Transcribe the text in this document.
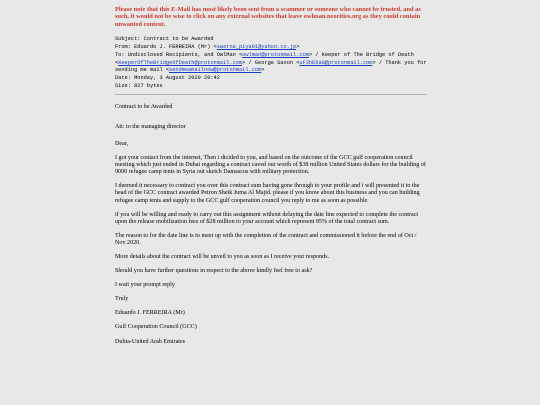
Please note that this E-Mail has most likely been sent from a scammer or someone who cannot be trusted, and as such, it would not be wise to click on any external websites that leave owlman.neocities.org as they could contain unwanted content.
Subject: Contract to be Awarded
From: Eduardo J. FERREIRA (Mr) <swarna_piya01@yahoo.co.jp>
To: Undisclosed Recipients, and OwlMan <owlman@protonmail.com> / Keeper of The Bridge of Death <KeeperOfTheBridgeOfDeath@protonmail.com> / George Saxon <uF3hE6aG@protonmail.com> / Thank you for sending me mail <sendmeamailnow@protonmail.com>
Date: Monday, 3 August 2020 20:42
Size: 827 bytes

Contract to be Awarded

Att: to the managing director

Dear,

I got your contact from the internet, Then i dicided to you, and based on the outcome of the GCC gulf cooperation council meeting which just ended in Dubai regarding a contract caved out worth of $38 million United States dollars for the building of 9000 refugee camp tents in Syria out sketch Damascus with military protection.

I deemed it necessary to contract you over this contract sum having gone through to your profile and i will presented it to the head of the GCC contract awarded Petron Sheik Juma Al Majid. please if you know about this business and you can building refugee camp tents and supply to the GCC gulf cooperation council you reply to me as soon as possible.

if you will be willing and ready to carry out this assignment without delaying the date line expected to complete the contract upon the release mobilization fees of $28 million to your account which represent 95% of the total contract sum.

The reason to for the date line is to meet up with the completion of the contract and commissioned it before the end of Oct / Nov 2020.

More details about the contract will be unveil to you as soon as I receive your responds.

Should you have further questions in respect to the above kindly feel free to ask?

I wait your prompt reply

Truly

Eduardo J. FERREIRA (Mr)

Gulf Cooperation Council (GCC)

Dubia-United Arab Emirates
